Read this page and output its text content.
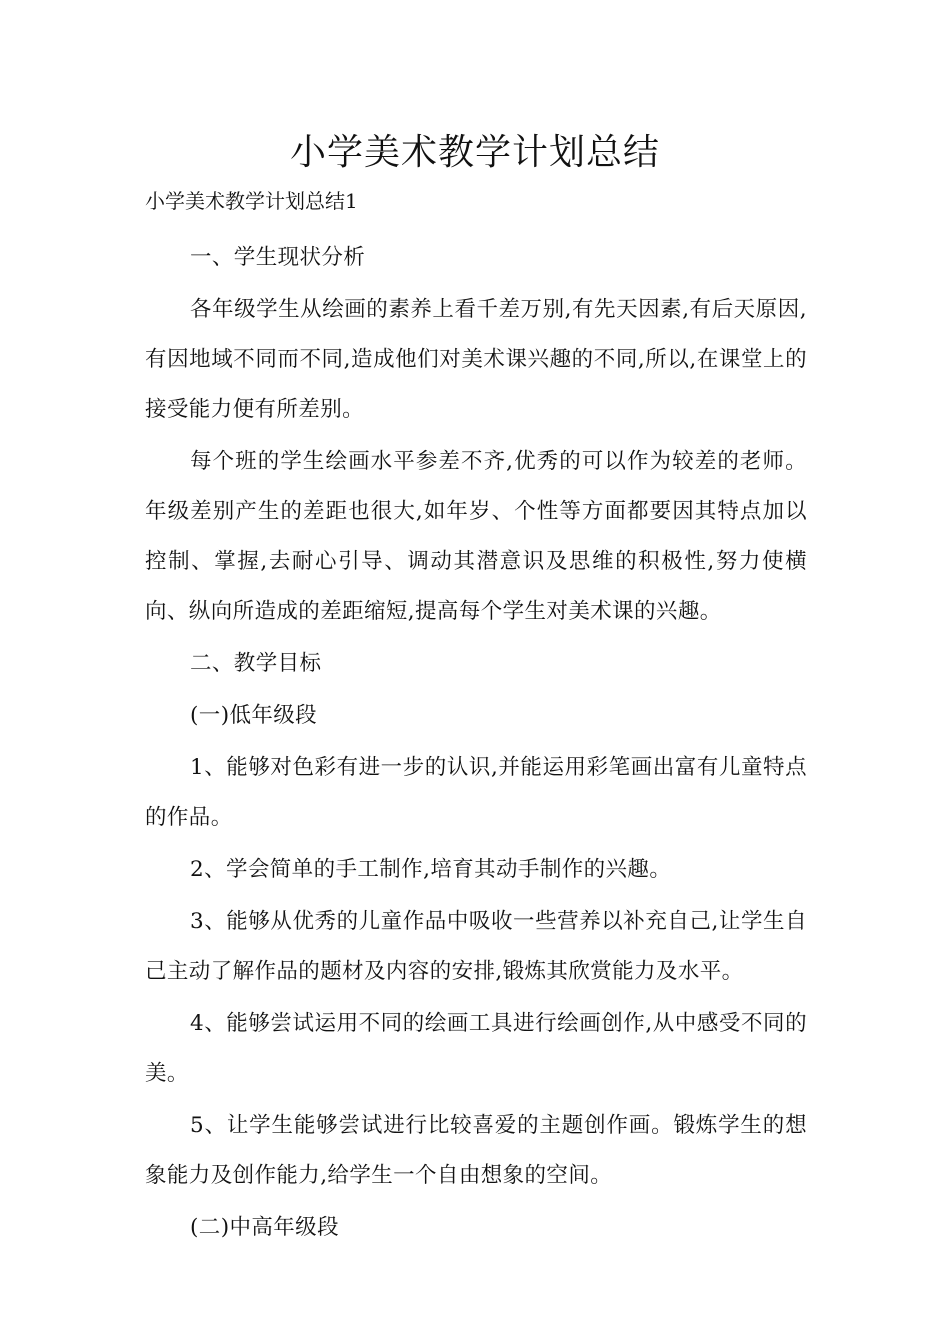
小学美术教学计划总结

小学美术教学计划总结1

一、学生现状分析

各年级学生从绘画的素养上看千差万别,有先天因素,有后天原因,有因地域不同而不同,造成他们对美术课兴趣的不同,所以,在课堂上的接受能力便有所差别。

每个班的学生绘画水平参差不齐,优秀的可以作为较差的老师。年级差别产生的差距也很大,如年岁、个性等方面都要因其特点加以控制、掌握,去耐心引导、调动其潜意识及思维的积极性,努力使横向、纵向所造成的差距缩短,提高每个学生对美术课的兴趣。

二、教学目标

(一)低年级段

1、能够对色彩有进一步的认识,并能运用彩笔画出富有儿童特点的作品。

2、学会简单的手工制作,培育其动手制作的兴趣。

3、能够从优秀的儿童作品中吸收一些营养以补充自己,让学生自己主动了解作品的题材及内容的安排,锻炼其欣赏能力及水平。

4、能够尝试运用不同的绘画工具进行绘画创作,从中感受不同的美。

5、让学生能够尝试进行比较喜爱的主题创作画。锻炼学生的想象能力及创作能力,给学生一个自由想象的空间。

(二)中高年级段
